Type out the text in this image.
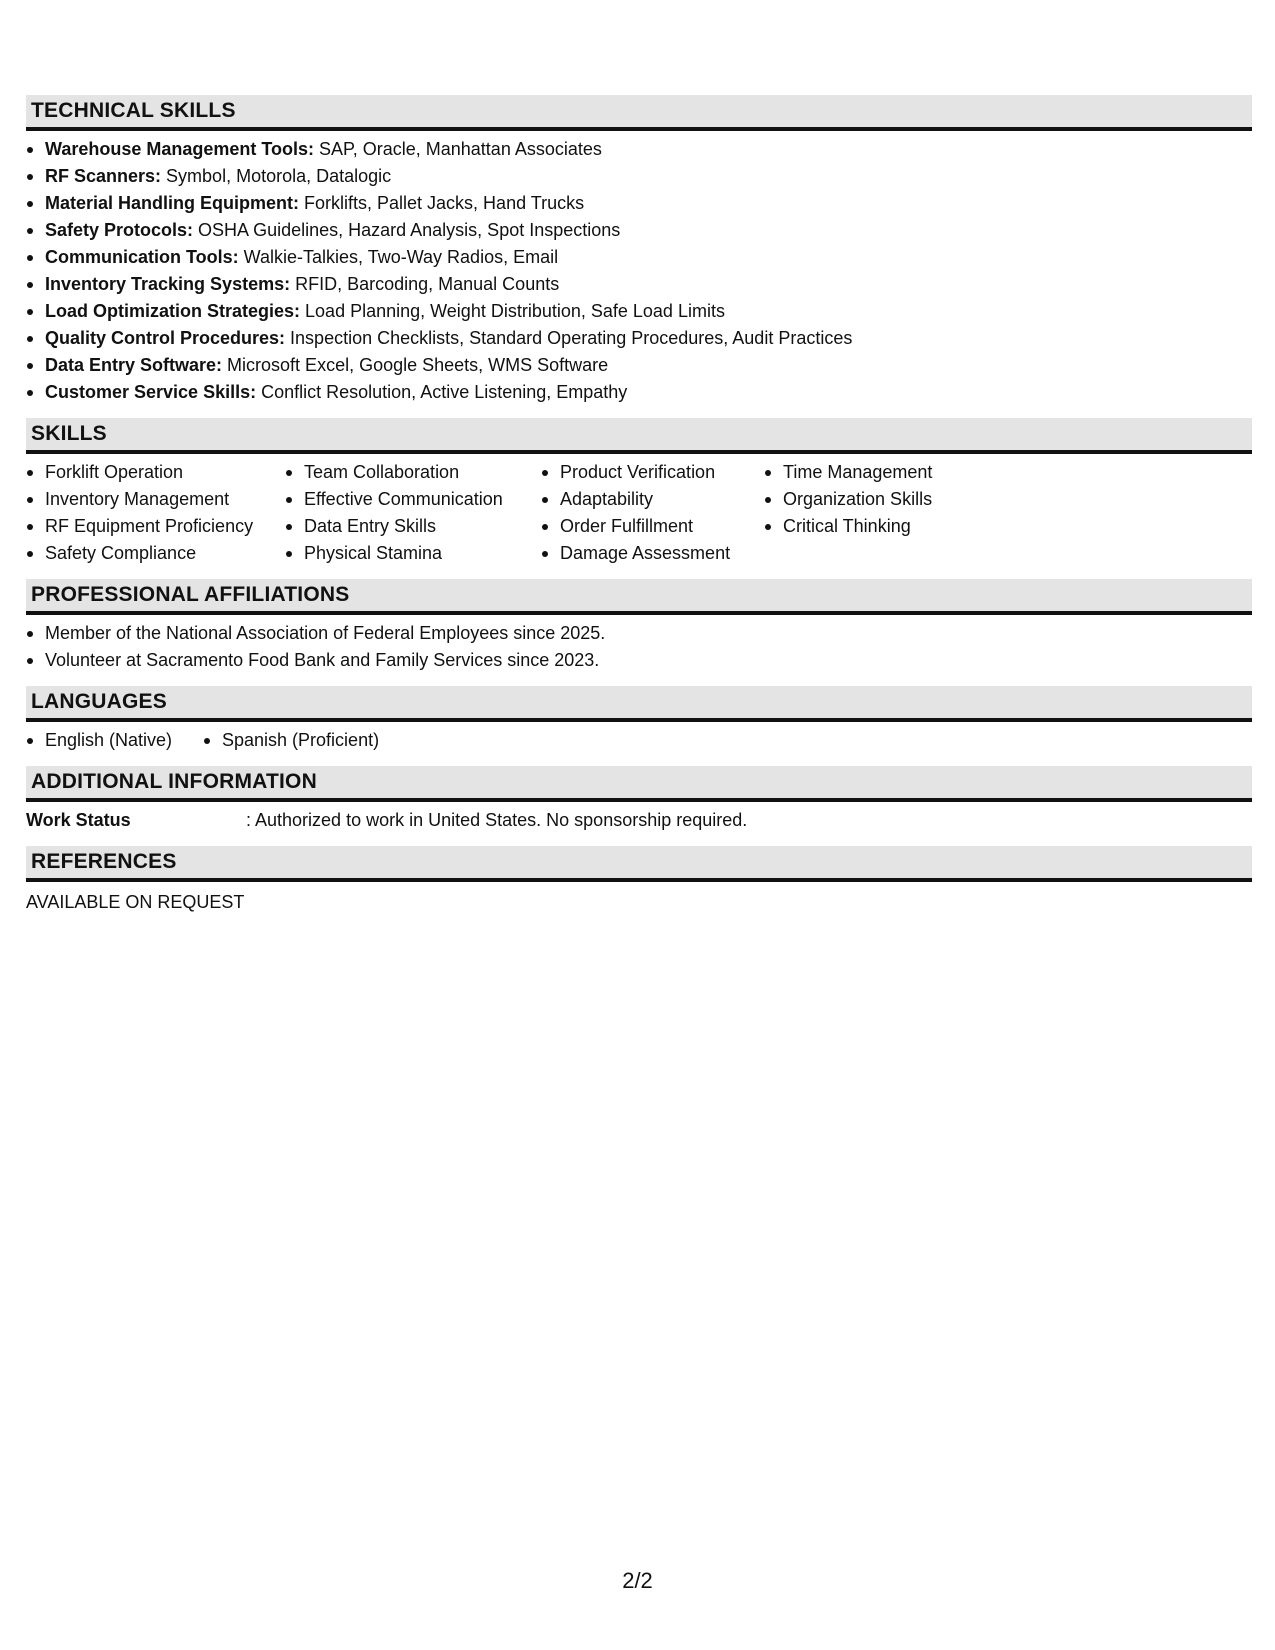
TECHNICAL SKILLS
Warehouse Management Tools: SAP, Oracle, Manhattan Associates
RF Scanners: Symbol, Motorola, Datalogic
Material Handling Equipment: Forklifts, Pallet Jacks, Hand Trucks
Safety Protocols: OSHA Guidelines, Hazard Analysis, Spot Inspections
Communication Tools: Walkie-Talkies, Two-Way Radios, Email
Inventory Tracking Systems: RFID, Barcoding, Manual Counts
Load Optimization Strategies: Load Planning, Weight Distribution, Safe Load Limits
Quality Control Procedures: Inspection Checklists, Standard Operating Procedures, Audit Practices
Data Entry Software: Microsoft Excel, Google Sheets, WMS Software
Customer Service Skills: Conflict Resolution, Active Listening, Empathy
SKILLS
Forklift Operation
Inventory Management
RF Equipment Proficiency
Safety Compliance
Team Collaboration
Effective Communication
Data Entry Skills
Physical Stamina
Product Verification
Adaptability
Order Fulfillment
Damage Assessment
Time Management
Organization Skills
Critical Thinking
PROFESSIONAL AFFILIATIONS
Member of the National Association of Federal Employees since 2025.
Volunteer at Sacramento Food Bank and Family Services since 2023.
LANGUAGES
English (Native)	Spanish (Proficient)
ADDITIONAL INFORMATION
Work Status	: Authorized to work in United States. No sponsorship required.
REFERENCES
AVAILABLE ON REQUEST
2/2
